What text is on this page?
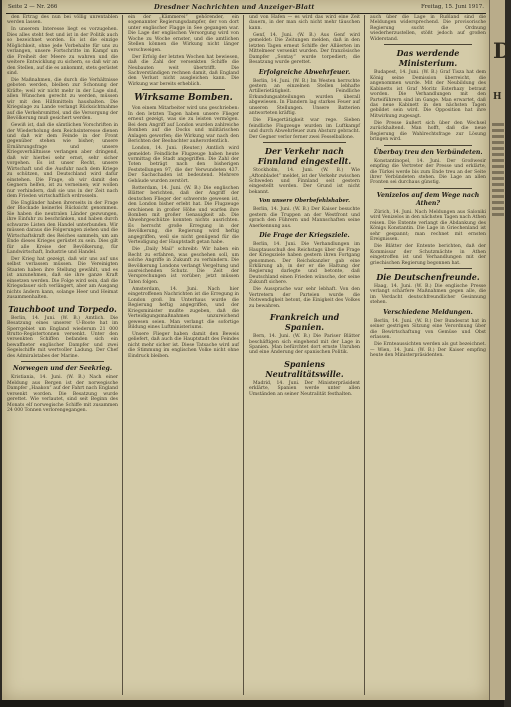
Seite 2 — Nr. 266	Dresdner Nachrichten und Anzeiger-Blatt	Freitag, 15. Juni 1917.
den Ertrag des nun bei völlig unrentablen werden lassen.
In unserem Interesse liegt es vorzugehen. Dies alles steht fest und ist in der Politik auch so bezeichnet worden. Es ist die einzige Möglichkeit, ohne jede Vorbehalte für uns zu verlangen, unsere Fortschritte im Kampf um die Freiheit der Meere zu wahren und die weitere Entwicklung zu sichern, so daß wir an den Stellen, auf die es ankommt, stets gerüstet sind.
Die Maßnahmen, die durch die Verhältnisse geboten werden, bleiben zur Schonung der Kräfte; weil wir nicht mehr in der Lage sind, allen Wünschen gerecht zu werden, müssen wir mit den Hilfsmitteln haushalten. Die Kriegslage zu Lande verlangt Rücksichtnahme auf die Verkehrsmittel, und die Versorgung der Bevölkerung muß gesichert werden.
Gewiß ist, daß die sämtlichen Vorschriften in der Wiederholung dem Reichsinteresse dienen und daß wir dem Feinde in der Front gegenüber stehen wie bisher; unsere Ernährungsfrage und unsere Kriegsverhältnisse verlangen aber dringend, daß wir hierbei sehr ernst, sehr sicher vorgehen. Es ist unser Recht, unsere Wirtschaft und die Ausfuhr nach dem Kriege zu schützen, und Deutschland wird dafür einstehen. Die Frage, ob wir damit den Gegnern helfen, ist zu verneinen; wir wollen nur verhindern, daß sie uns in der Zeit nach dem Frieden wirtschaftlich erdrosseln.
Die Engländer haben ihrerseits in der Frage der Blockade keinerlei Rücksicht genommen. Sie haben die neutralen Länder gezwungen, ihre Einfuhr zu beschränken, und haben durch schwarze Listen den Handel unterbunden. Wir müssen daraus die Folgerungen ziehen und die Wirtschaftskraft des Reiches sammeln, um am Ende dieses Krieges gerüstet zu sein. Dies gilt für alle Kreise der Bevölkerung, für Landwirtschaft, Industrie und Handel.
Der Krieg hat gezeigt, daß wir uns auf uns selbst verlassen müssen. Die Vereinigten Staaten haben ihre Stellung gewählt, und es ist anzunehmen, daß sie ihre ganze Kraft einsetzen werden. Die Folge wird sein, daß die Kriegsdauer sich verlängert, aber am Ausgang nichts ändern kann, solange Heer und Heimat zusammenhalten.
Tauchboot und Torpedo.
Berlin, 14. Juni. (W. B.) Amtlich. Die Besatzung eines unserer U-Boote hat im Sperrgebiet um England wiederum 21 000 Brutto-Registertonnen versenkt. Unter den versenkten Schiffen befanden sich ein bewaffneter englischer Dampfer und zwei Segelschiffe mit wertvoller Ladung. Der Chef des Admiralstabes der Marine.
Norwegen und der Seekrieg.
Kristiania, 14. Juni. (W. B.) Nach einer Meldung aus Bergen ist der norwegische Dampfer „Haakon“ auf der Fahrt nach England versenkt worden. Die Besatzung wurde gerettet. Wie verlautet, sind seit Beginn des Monats elf norwegische Schiffe mit zusammen 24 000 Tonnen verlorengegangen.
ein der „Kämmerei“ gehörender, ein sogenannter Regierungsdampfer, der von dort unter englischer Flagge in See gegangen war. Die Lage der englischen Versorgung wird von Woche zu Woche ernster, und die amtlichen Stellen können die Wirkung nicht länger verschweigen.
Der Erfolg der letzten Wochen hat bewiesen, daß die Zahl der versenkten Schiffe die Neubauten weit übertrifft. Die Sachverständigen rechnen damit, daß England den Verlust nicht ausgleichen kann. Die Wirkung war bereits erheblich.
Wirksame Bomben.
Von einem Mitarbeiter wird uns geschrieben: In den letzten Tagen haben unsere Flieger erneut gezeigt, was sie zu leisten vermögen. Bei dem Angriff auf London wurden zahlreiche Bomben auf die Docks und militärischen Anlagen geworfen; die Wirkung war nach den Berichten der Beobachter außerordentlich.
London, 14. Juni. (Reuter.) Amtlich wird gemeldet: Feindliche Flugzeuge haben heute vormittag die Stadt angegriffen. Die Zahl der Toten beträgt nach den bisherigen Feststellungen 97, die der Verwundeten 437. Der Sachschaden ist bedeutend. Mehrere Gebäude wurden zerstört.
Rotterdam, 14. Juni. (W. B.) Die englischen Blätter berichten, daß der Angriff der deutschen Flieger der schwerste gewesen ist, den London bisher erlebt hat. Die Flugzeuge erschienen in großer Höhe und warfen ihre Bomben mit großer Genauigkeit ab. Die Abwehrgeschütze konnten nichts ausrichten. Es herrscht große Erregung in der Bevölkerung, die Regierung wird heftig angegriffen, weil sie nicht genügend für die Verteidigung der Hauptstadt getan habe.
Die „Daily Mail“ schreibt: Wir haben ein Recht zu erfahren, was geschehen soll, um solche Angriffe in Zukunft zu verhindern. Die Bevölkerung Londons verlangt Vergeltung und ausreichenden Schutz. Die Zeit der Versprechungen ist vorüber; jetzt müssen Taten folgen.
Amsterdam, 14. Juni. Nach hier eingetroffenen Nachrichten ist die Erregung in London groß. Im Unterhaus wurde die Regierung heftig angegriffen, und der Kriegsminister mußte zugeben, daß die Verteidigungsmaßnahmen unzureichend gewesen seien. Man verlangt die sofortige Bildung eines Luftministeriums.
Unsere Flieger haben damit den Beweis geliefert, daß auch die Hauptstadt des Feindes nicht mehr sicher ist. Diese Tatsache wird auf die Stimmung im englischen Volke nicht ohne Eindruck bleiben.
und von Hafen — es wird das wird eine Zeit dauern, in der man sich nicht mehr täuschen kann.
Genf, 14. Juni. (W. B.) Aus Genf wird gemeldet: Die Zeitungen melden, daß in den letzten Tagen erneut Schiffe der Alliierten im Mittelmeer versenkt wurden. Der französische Dampfer „Sontay“ wurde torpediert; die Besatzung wurde gerettet.
Erfolgreiche Abwehrfeuer.
Berlin, 14. Juni. (W. B.) Im Westen herrschte gestern an einzelnen Stellen lebhafte Artillerietätigkeit. Feindliche Erkundungsabteilungen wurden überall abgewiesen. In Flandern lag starkes Feuer auf unseren Stellungen. Unsere Batterien antworteten kräftig.
Die Fliegertätigkeit war rege. Sieben feindliche Flugzeuge wurden im Luftkampf und durch Abwehrfeuer zum Absturz gebracht. Der Gegner verlor ferner zwei Fesselballone.
Der Verkehr nach Finnland eingestellt.
Stockholm, 14. Juni. (W. B.) Wie „Aftonbladet“ meldet, ist der Verkehr zwischen Schweden und Finnland seit gestern eingestellt worden. Der Grund ist nicht bekannt.
Von unsere Oberbefehlshaber.
Berlin, 14. Juni. (W. B.) Der Kaiser besuchte gestern die Truppen an der Westfront und sprach den Führern und Mannschaften seine Anerkennung aus.
Die Frage der Kriegsziele.
Berlin, 14. Juni. Die Verhandlungen im Hauptausschuß des Reichstags über die Frage der Kriegsziele haben gestern ihren Fortgang genommen. Der Reichskanzler gab eine Erklärung ab, in der er die Haltung der Regierung darlegte und betonte, daß Deutschland einen Frieden wünsche, der seine Zukunft sichere.
Die Aussprache war sehr lebhaft. Von den Vertretern der Parteien wurde die Notwendigkeit betont, die Einigkeit des Volkes zu bewahren.
Frankreich und Spanien.
Bern, 14. Juni. (W. B.) Die Pariser Blätter beschäftigen sich eingehend mit der Lage in Spanien. Man befürchtet dort ernste Unruhen und eine Änderung der spanischen Politik.
Spaniens Neutralitätswille.
Madrid, 14. Juni. Der Ministerpräsident erklärte, Spanien werde unter allen Umständen an seiner Neutralität festhalten.
auch über die Lage in Rußland sind die Meldungen widersprechend. Die provisorische Regierung sucht die Ordnung wiederherzustellen, stößt jedoch auf großen Widerstand.
Das werdende Ministerium.
Budapest, 14. Juni. (W. B.) Graf Tisza hat dem König seine Demission überreicht, die angenommen wurde. Mit der Neubildung des Kabinetts ist Graf Moritz Esterhazy betraut worden. Die Verhandlungen mit den Parteiführern sind im Gange. Man erwartet, daß das neue Kabinett in den nächsten Tagen gebildet sein wird. Die Opposition hat ihre Mitwirkung zugesagt.
Die Presse äußert sich über den Wechsel zurückhaltend. Man hofft, daß die neue Regierung die Wahlrechtsfrage zur Lösung bringen wird.
Überbay treu den Verbündeten.
Konstantinopel, 14. Juni. Der Großwesir empfing die Vertreter der Presse und erklärte, die Türkei werde bis zum Ende treu an der Seite ihrer Verbündeten stehen. Die Lage an allen Fronten sei durchaus günstig.
Venizelos auf dem Wege nach Athen?
Zürich, 14. Juni. Nach Meldungen aus Saloniki wird Venizelos in den nächsten Tagen nach Athen reisen. Die Entente verlangt die Abdankung des Königs Konstantin. Die Lage in Griechenland ist sehr gespannt; man rechnet mit ernsten Ereignissen.
Die Blätter der Entente berichten, daß der Kommissar der Schutzmächte in Athen eingetroffen ist und Verhandlungen mit der griechischen Regierung begonnen hat.
Die Deutschenfreunde.
Haag, 14. Juni. (W. B.) Die englische Presse verlangt schärfere Maßnahmen gegen alle, die im Verdacht deutschfreundlicher Gesinnung stehen.
Verschiedene Meldungen.
Berlin, 14. Juni. (W. B.) Der Bundesrat hat in seiner gestrigen Sitzung eine Verordnung über die Bewirtschaftung von Gemüse und Obst erlassen.
Die Ernteaussichten werden als gut bezeichnet. — Wien, 14. Juni. (W. B.) Der Kaiser empfing heute den Ministerpräsidenten.
D
H
